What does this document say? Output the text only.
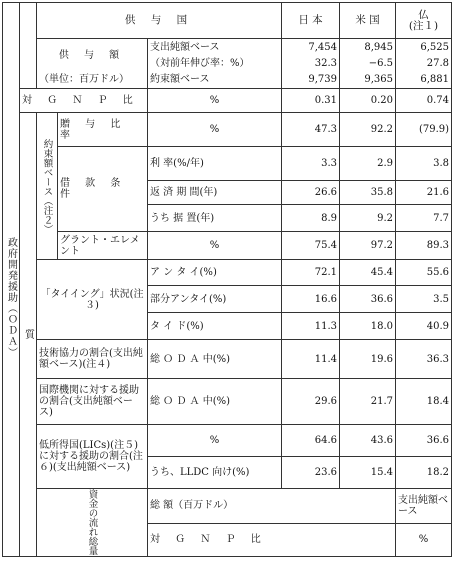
		供 与 国			日 本	米 国	仏
(注１)	
政府開発援助（ＯＤＡ）		供 与 額		支出純額ベース	7,454	8,945	6,525	
				（対前年伸び率：%）	32.3	−6.5	27.8	
		（単位：百万ドル）		約束額ベース	9,739	9,365	6,881	
	対 Ｇ Ｎ Ｐ 比			%	0.31	0.20	0.74	
	質	約束額ベース（注２）	贈 与 比 率	%	47.3	92.2	(79.9)	
			借 款 条 件	利 率(%/年)	3.3	2.9	3.8	
				返 済 期 間(年)	26.6	35.8	21.6	
				うち 据 置(年)	8.9	9.2	7.7	
			グラント・エレメント	%	75.4	97.2	89.3	
		「タイイング」状況(注３)		ア ン タ イ(%)	72.1	45.4	55.6	
				部分アンタイ(%)	16.6	36.6	3.5	
				タ イ ド(%)	11.3	18.0	40.9	
		技術協力の割合(支出純額ベース)(注４)		総 Ｏ Ｄ Ａ 中(%)	11.4	19.6	36.3	
		国際機関に対する援助の割合(支出純額ベース)		総 Ｏ Ｄ Ａ 中(%)	29.6	21.7	18.4	
		低所得国(LICs)(注５)に対する援助の割合(注６)(支出純額ベース)		%	64.6	43.6	36.6	
				うち、LLDC 向け(%)	23.6	15.4	18.2	
		資金の流れ総量		総 額（百万ドル）			支出純額ベース			
				対 Ｇ Ｎ Ｐ 比			%			
